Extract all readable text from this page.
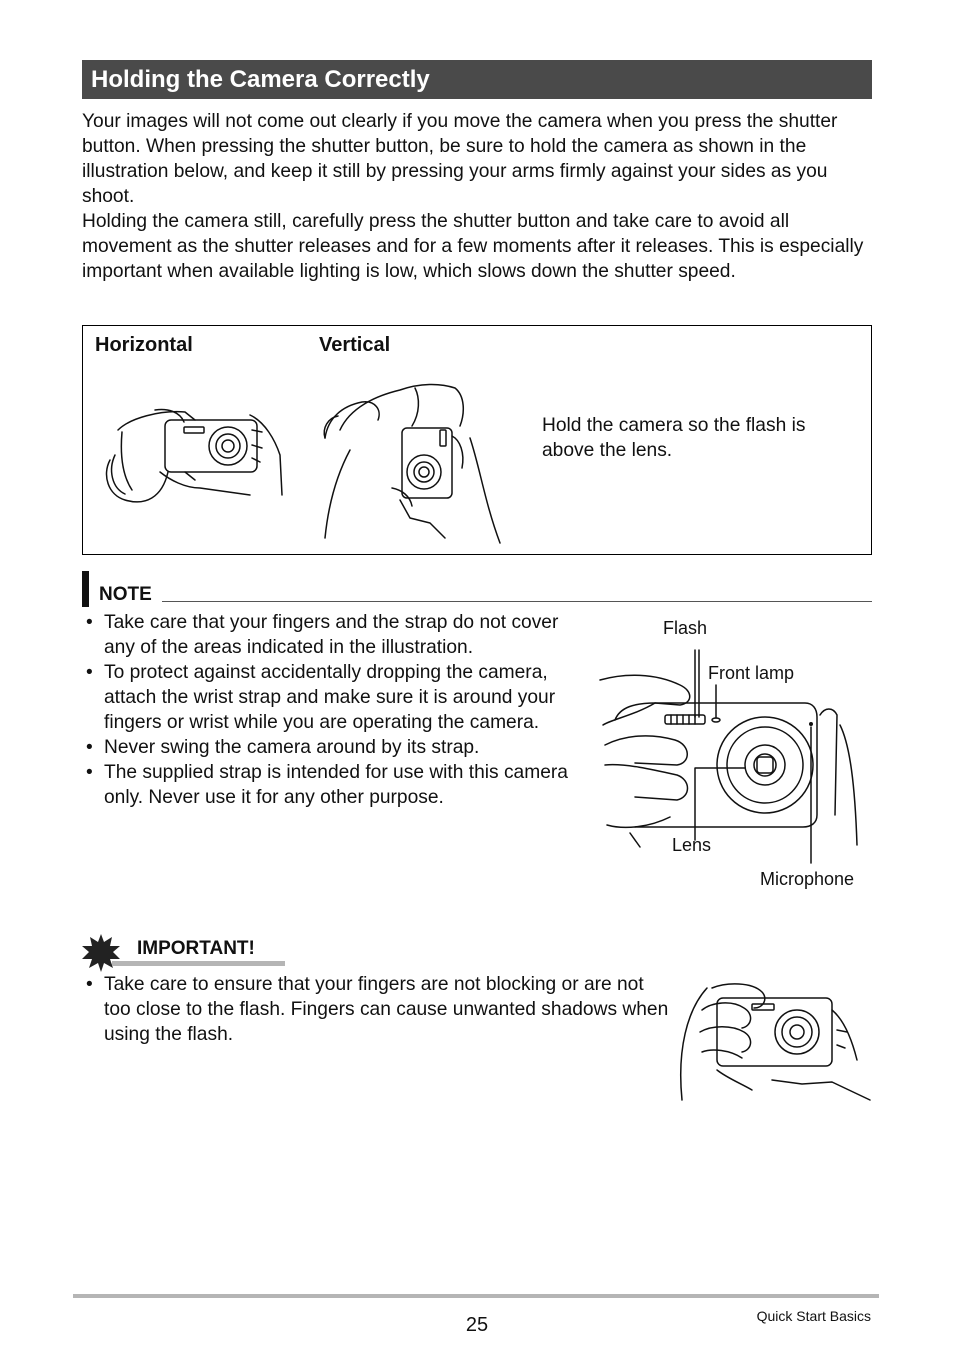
Holding the Camera Correctly

Your images will not come out clearly if you move the camera when you press the shutter button. When pressing the shutter button, be sure to hold the camera as shown in the illustration below, and keep it still by pressing your arms firmly against your sides as you shoot.

Holding the camera still, carefully press the shutter button and take care to avoid all movement as the shutter releases and for a few moments after it releases. This is especially important when available lighting is low, which slows down the shutter speed.

Horizontal	Vertical
Hold the camera so the flash is above the lens.
NOTE
• Take care that your fingers and the strap do not cover any of the areas indicated in the illustration.
• To protect against accidentally dropping the camera, attach the wrist strap and make sure it is around your fingers or wrist while you are operating the camera.
• Never swing the camera around by its strap.
• The supplied strap is intended for use with this camera only. Never use it for any other purpose.
Flash
Front lamp
Lens
Microphone
IMPORTANT!
• Take care to ensure that your fingers are not blocking or are not too close to the flash. Fingers can cause unwanted shadows when using the flash.
25	Quick Start Basics
